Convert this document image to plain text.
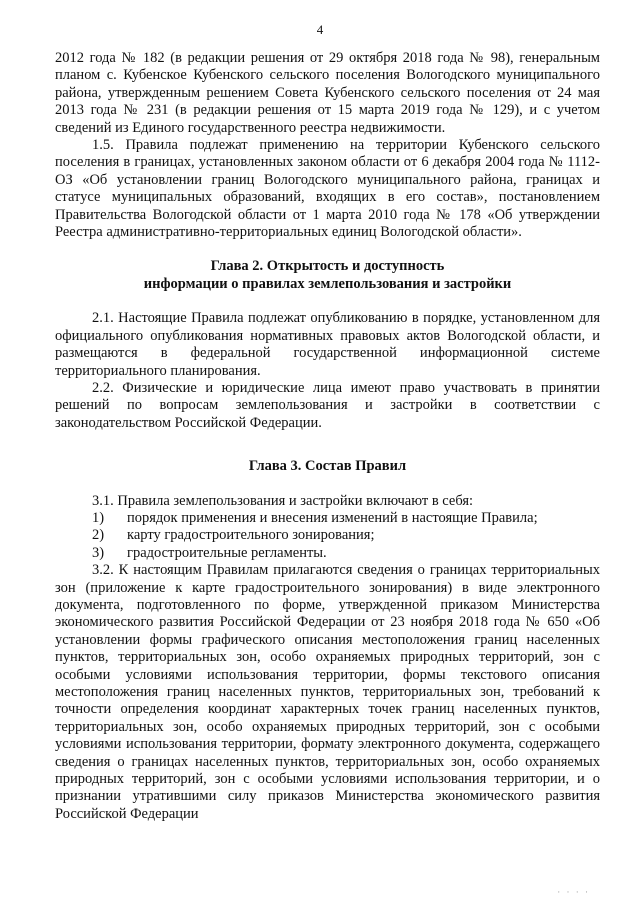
4

2012 года № 182 (в редакции решения от 29 октября 2018 года № 98), генеральным планом с. Кубенское Кубенского сельского поселения Вологодского муниципального района, утвержденным решением Совета Кубенского сельского поселения от 24 мая 2013 года № 231 (в редакции решения от 15 марта 2019 года № 129), и с учетом сведений из Единого государственного реестра недвижимости.

1.5. Правила подлежат применению на территории Кубенского сельского поселения в границах, установленных законом области от 6 декабря 2004 года № 1112-ОЗ «Об установлении границ Вологодского муниципального района, границах и статусе муниципальных образований, входящих в его состав», постановлением Правительства Вологодской области от 1 марта 2010 года № 178 «Об утверждении Реестра административно-территориальных единиц Вологодской области».

Глава 2. Открытость и доступность
информации о правилах землепользования и застройки

2.1. Настоящие Правила подлежат опубликованию в порядке, установленном для официального опубликования нормативных правовых актов Вологодской области, и размещаются в федеральной государственной информационной системе территориального планирования.

2.2. Физические и юридические лица имеют право участвовать в принятии решений по вопросам землепользования и застройки в соответствии с законодательством Российской Федерации.

Глава 3. Состав Правил

3.1. Правила землепользования и застройки включают в себя:

1)	порядок применения и внесения изменений в настоящие Правила;
2)	карту градостроительного зонирования;
3)	градостроительные регламенты.

3.2. К настоящим Правилам прилагаются сведения о границах территориальных зон (приложение к карте градостроительного зонирования) в виде электронного документа, подготовленного по форме, утвержденной приказом Министерства экономического развития Российской Федерации от 23 ноября 2018 года № 650 «Об установлении формы графического описания местоположения границ населенных пунктов, территориальных зон, особо охраняемых природных территорий, зон с особыми условиями использования территории, формы текстового описания местоположения границ населенных пунктов, территориальных зон, требований к точности определения координат характерных точек границ населенных пунктов, территориальных зон, особо охраняемых природных территорий, зон с особыми условиями использования территории, формату электронного документа, содержащего сведения о границах населенных пунктов, территориальных зон, особо охраняемых природных территорий, зон с особыми условиями использования территории, и о признании утратившими силу приказов Министерства экономического развития Российской Федерации

· · · ·
